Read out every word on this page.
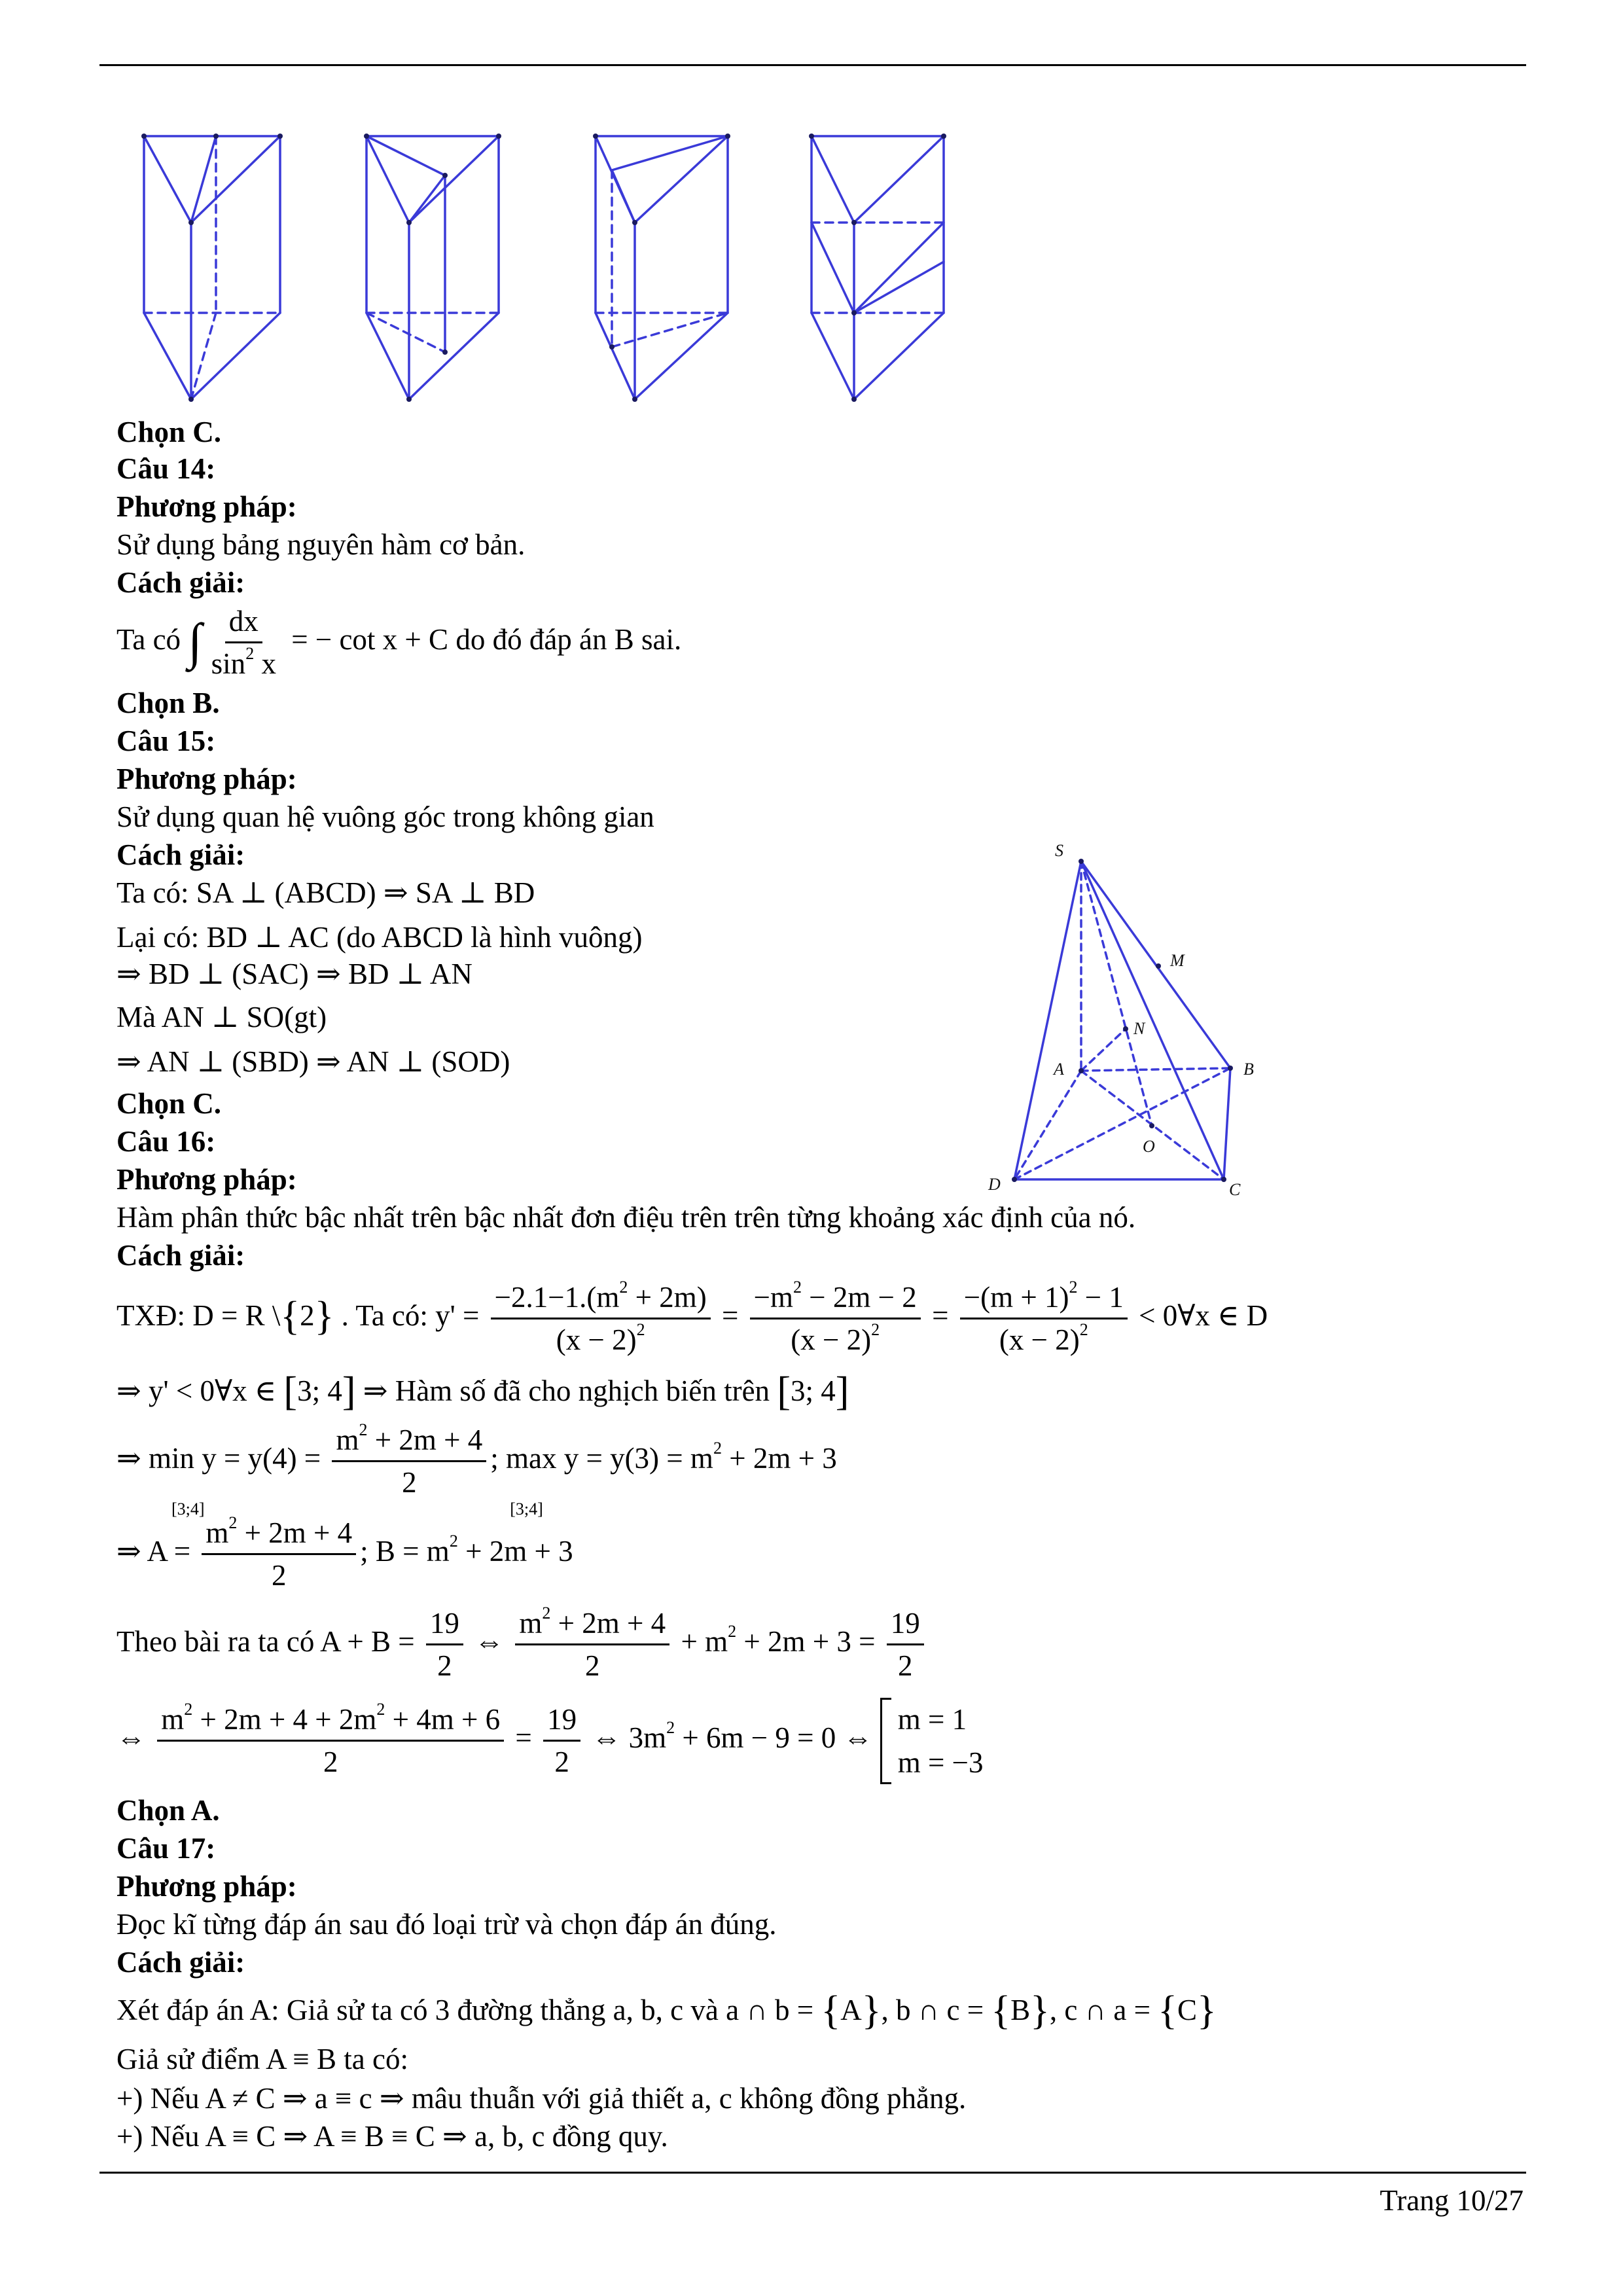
Chọn C.
Câu 14:
Phương pháp:
Sử dụng bảng nguyên hàm cơ bản.
Cách giải:
Ta có ∫ $\frac{dx}{\sin^2 x}$ = − cot x + C do đó đáp án B sai.
Chọn B.
Câu 15:
Phương pháp:
Sử dụng quan hệ vuông góc trong không gian
Cách giải:
Ta có: SA ⊥ (ABCD) ⇒ SA ⊥ BD
Lại có: BD ⊥ AC (do ABCD là hình vuông)
⇒ BD ⊥ (SAC) ⇒ BD ⊥ AN
Mà AN ⊥ SO(gt)
⇒ AN ⊥ (SBD) ⇒ AN ⊥ (SOD)
Chọn C.
S
M
N
A	B
O
D	C
Câu 16:
Phương pháp:
Hàm phân thức bậc nhất trên bậc nhất đơn điệu trên trên từng khoảng xác định của nó.
Cách giải:
TXĐ: D = R \{2} . Ta có: $y' = \frac{-2.1-1.(m^2 + 2m)}{(x - 2)^2} = \frac{-m^2 - 2m - 2}{(x - 2)^2} = \frac{-(m + 1)^2 - 1}{(x - 2)^2}$ < 0∀x ∈ D
⇒ y' < 0∀x ∈ [3; 4] ⇒ Hàm số đã cho nghịch biến trên [3; 4]
⇒ min y = y(4) =
[3;4]

$\frac{m^2 + 2m + 4}{2}$ ; max y = y(3) = m
[3;4]
$^2$ + 2m + 3
⇒ $A = \frac{m^2 + 2m + 4}{2}$ ; $B = m^2 + 2m + 3$
Theo bài ra ta có $A + B = \frac{19}{2}$ ⇔ $\frac{m^2 + 2m + 4}{2} + m^2 + 2m + 3 = \frac{19}{2}$
⇔ $\frac{m^2 + 2m + 4 + 2m^2 + 4m + 6}{2} = \frac{19}{2}$ ⇔ $3m^2 + 6m - 9 = 0$ ⇔
m = 1
m = −3
Chọn A.
Câu 17:
Phương pháp:
Đọc kĩ từng đáp án sau đó loại trừ và chọn đáp án đúng.
Cách giải:
Xét đáp án A: Giả sử ta có 3 đường thẳng a, b, c và a ∩ b = {A}, b ∩ c = {B}, c ∩ a = {C}
Giả sử điểm A ≡ B ta có:
+) Nếu A ≠ C ⇒ a ≡ c ⇒ mâu thuẫn với giả thiết a, c không đồng phẳng.
+) Nếu A ≡ C ⇒ A ≡ B ≡ C ⇒ a, b, c đồng quy.
Trang 10/27
